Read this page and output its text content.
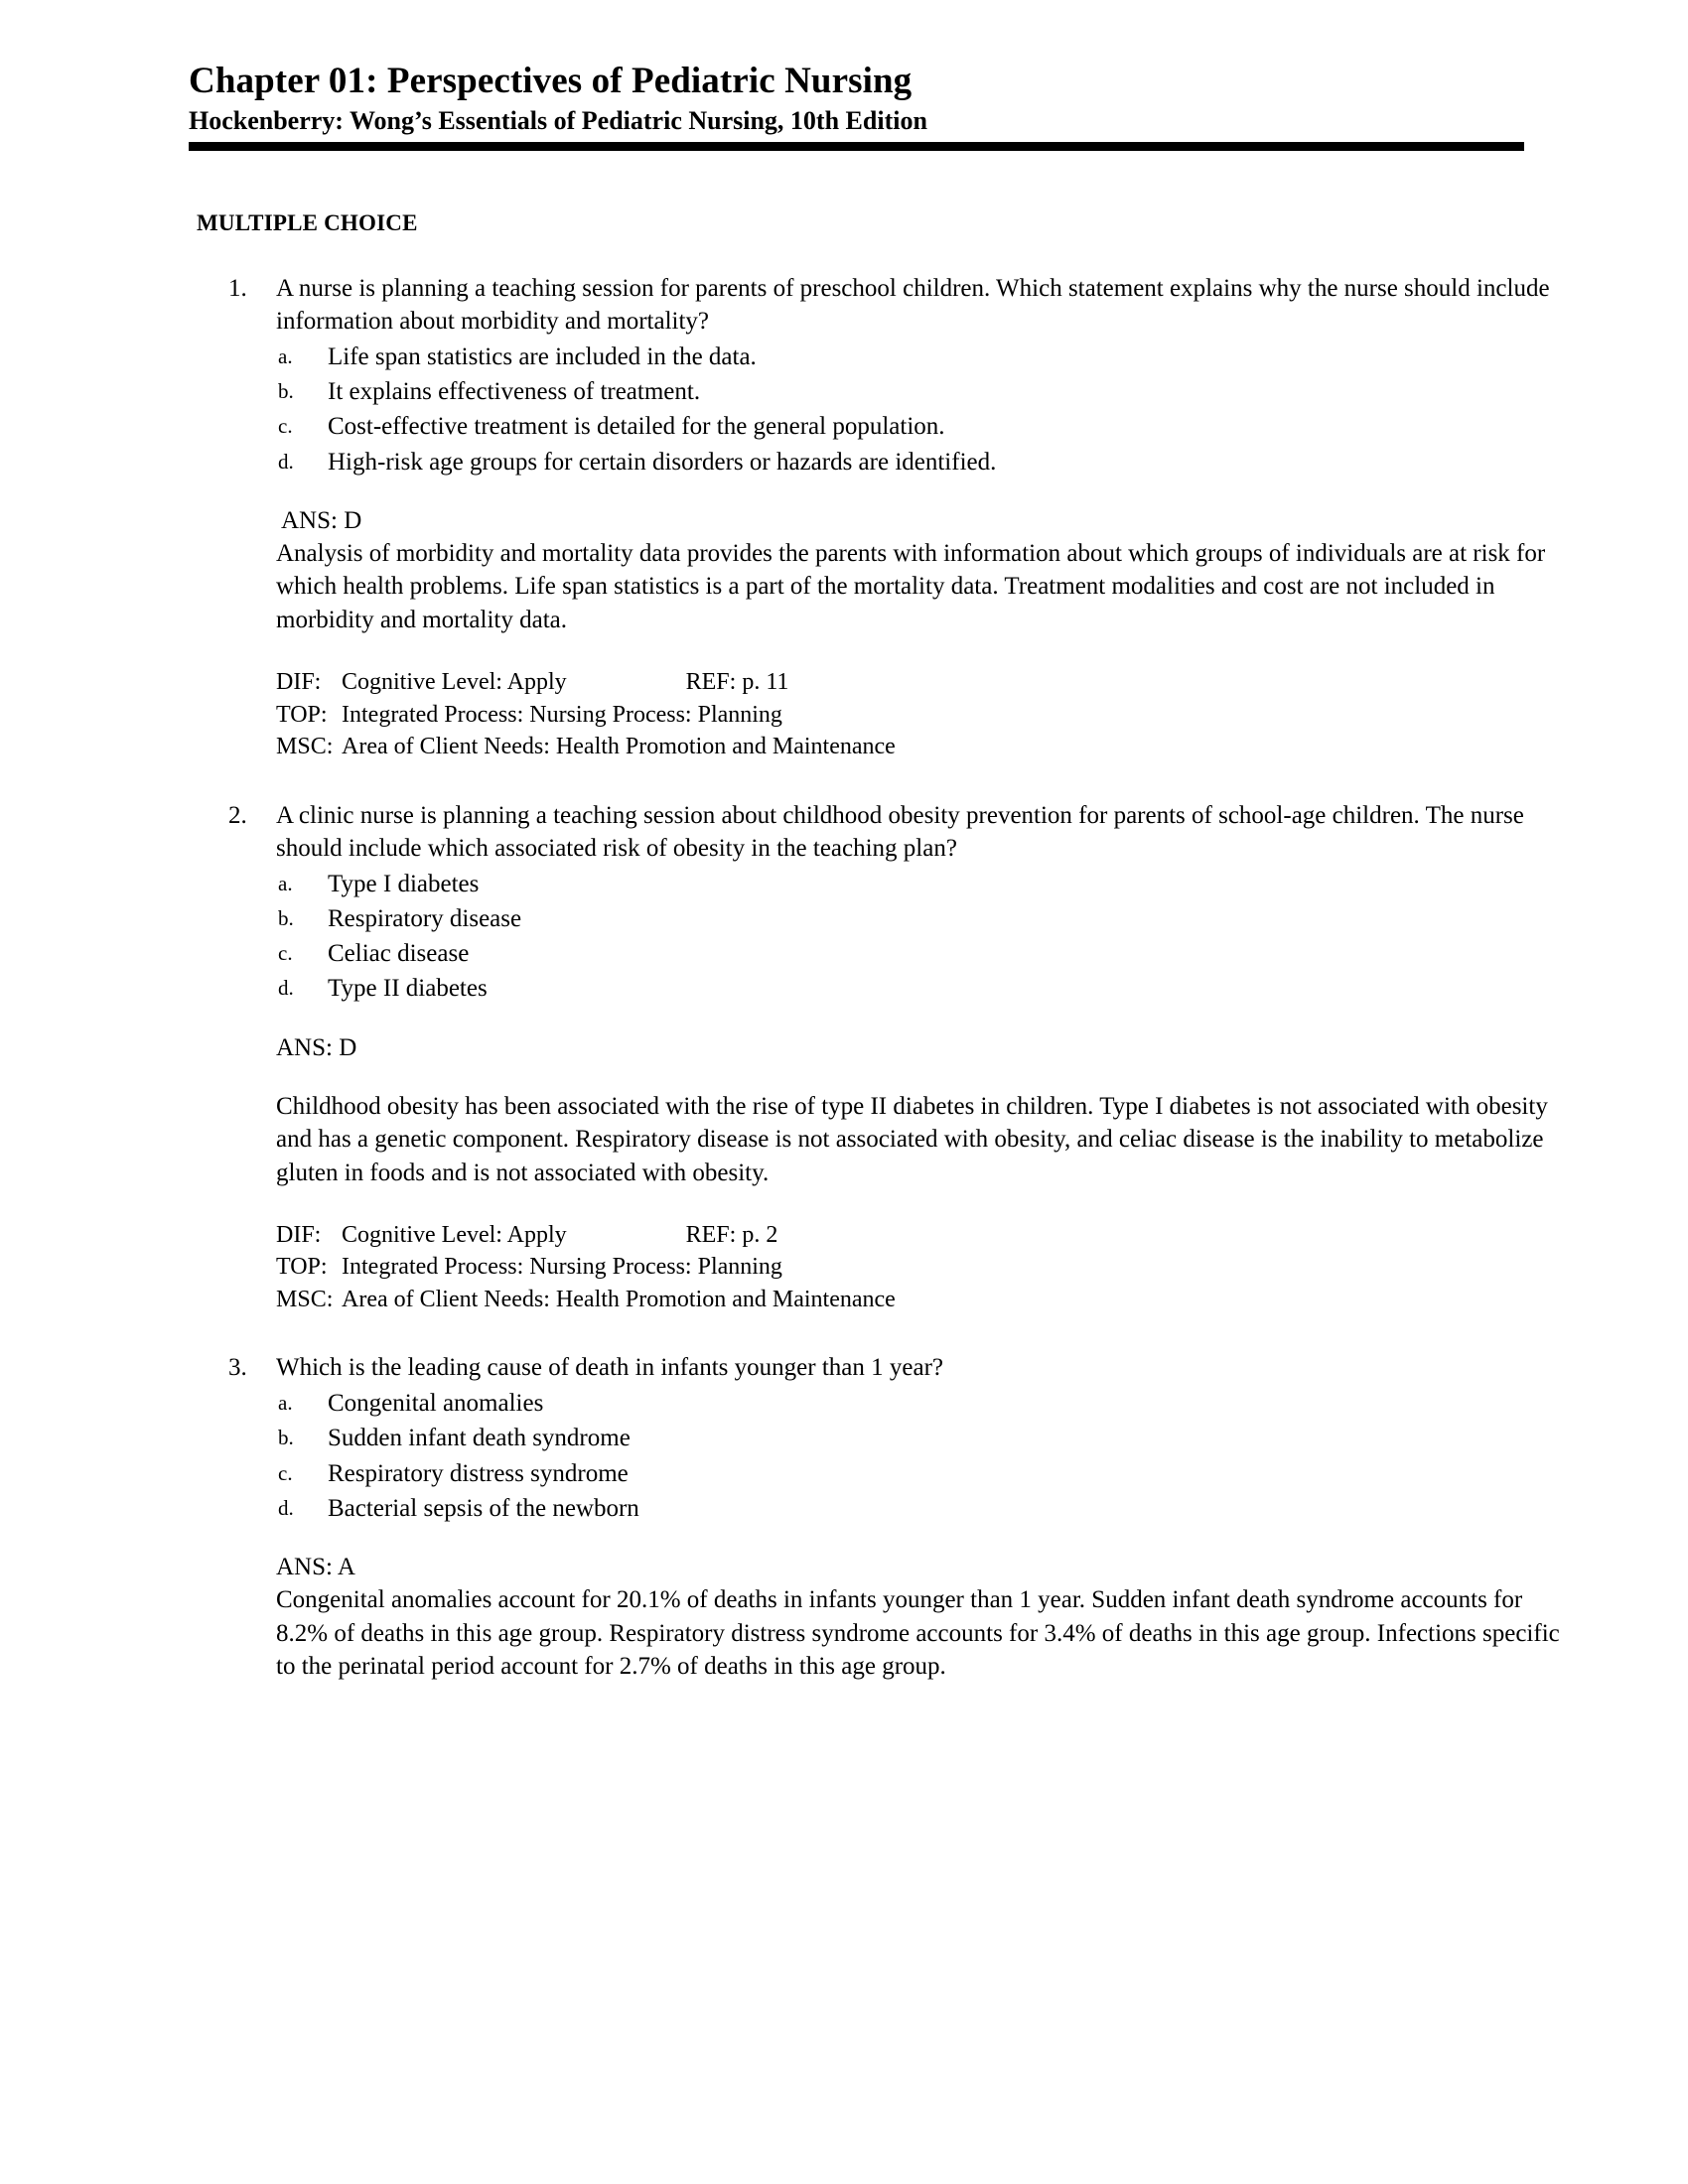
Chapter 01: Perspectives of Pediatric Nursing
Hockenberry: Wong’s Essentials of Pediatric Nursing, 10th Edition
MULTIPLE CHOICE
1. A nurse is planning a teaching session for parents of preschool children. Which statement explains why the nurse should include information about morbidity and mortality?

a. Life span statistics are included in the data.
b. It explains effectiveness of treatment.
c. Cost-effective treatment is detailed for the general population.
d. High-risk age groups for certain disorders or hazards are identified.

ANS: D

Analysis of morbidity and mortality data provides the parents with information about which groups of individuals are at risk for which health problems. Life span statistics is a part of the mortality data. Treatment modalities and cost are not included in morbidity and mortality data.

DIF: Cognitive Level: Apply	REF: p. 11
TOP: Integrated Process: Nursing Process: Planning
MSC: Area of Client Needs: Health Promotion and Maintenance
2. A clinic nurse is planning a teaching session about childhood obesity prevention for parents of school-age children. The nurse should include which associated risk of obesity in the teaching plan?

a. Type I diabetes
b. Respiratory disease
c. Celiac disease
d. Type II diabetes

ANS: D

Childhood obesity has been associated with the rise of type II diabetes in children. Type I diabetes is not associated with obesity and has a genetic component. Respiratory disease is not associated with obesity, and celiac disease is the inability to metabolize gluten in foods and is not associated with obesity.

DIF: Cognitive Level: Apply	REF: p. 2
TOP: Integrated Process: Nursing Process: Planning
MSC: Area of Client Needs: Health Promotion and Maintenance
3. Which is the leading cause of death in infants younger than 1 year?

a. Congenital anomalies
b. Sudden infant death syndrome
c. Respiratory distress syndrome
d. Bacterial sepsis of the newborn

ANS: A

Congenital anomalies account for 20.1% of deaths in infants younger than 1 year. Sudden infant death syndrome accounts for 8.2% of deaths in this age group. Respiratory distress syndrome accounts for 3.4% of deaths in this age group. Infections specific to the perinatal period account for 2.7% of deaths in this age group.
